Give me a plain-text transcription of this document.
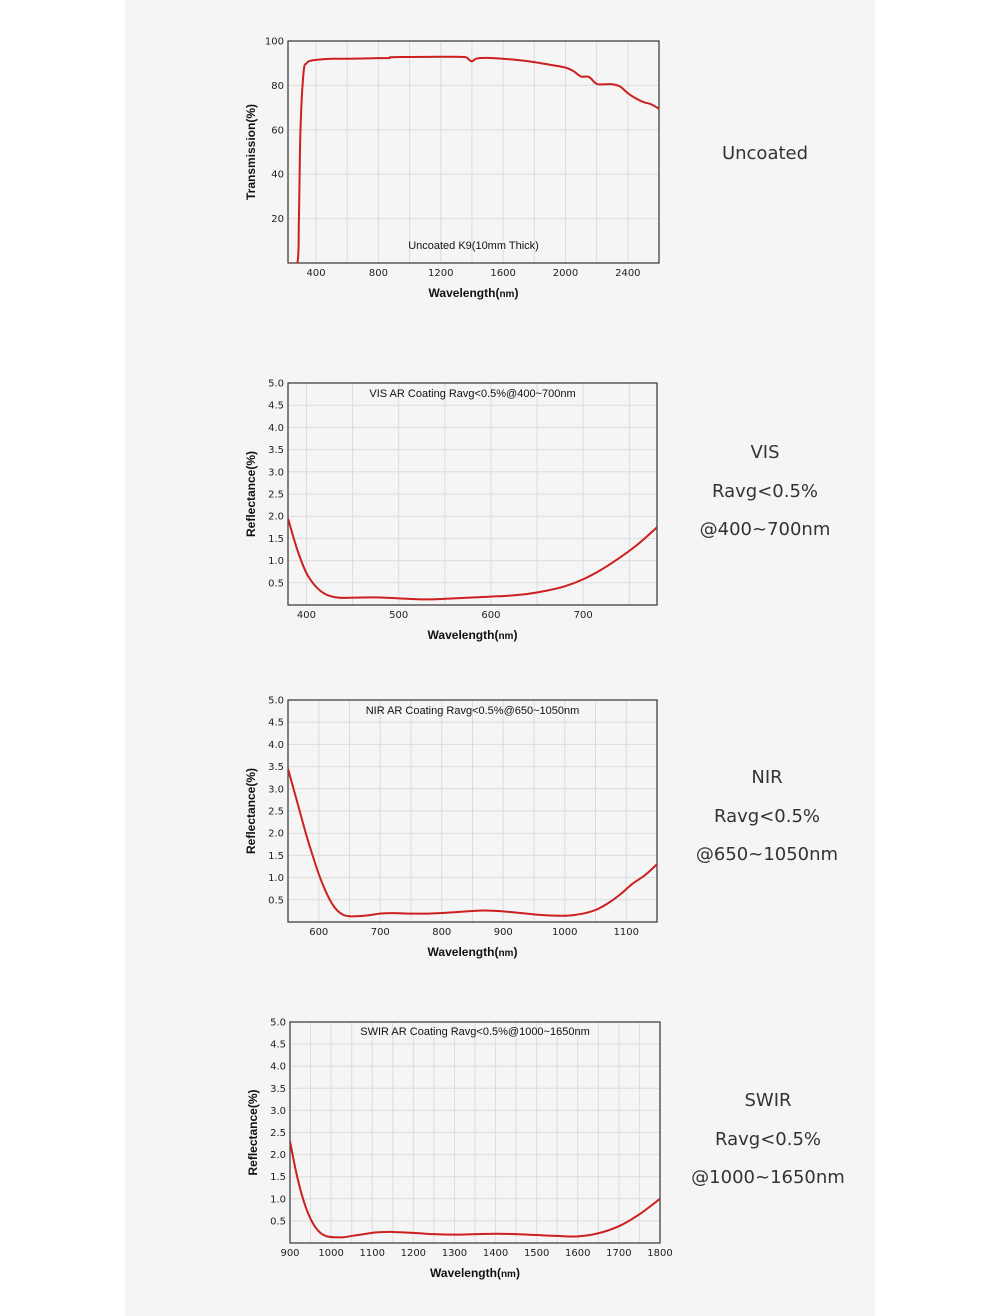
20
40
60
80
100
400	800	1200	1600	2000	2400
Uncoated K9(10mm Thick)
Wavelength(nm)
Transmission(%)
0.5
1.0
1.5
2.0
2.5
3.0
3.5
4.0
4.5
5.0
400	500	600	700
VIS AR Coating Ravg<0.5%@400~700nm
Wavelength(nm)
Reflectance(%)
0.5
1.0
1.5
2.0
2.5
3.0
3.5
4.0
4.5
5.0
600	700	800	900	1000	1100
NIR AR Coating Ravg<0.5%@650~1050nm
Wavelength(nm)
Reflectance(%)
0.5
1.0
1.5
2.0
2.5
3.0
3.5
4.0
4.5
5.0
900 1000 1100 1200 1300 1400 1500 1600 1700 1800
SWIR AR Coating Ravg<0.5%@1000~1650nm
Wavelength(nm)
Reflectance(%)
Uncoated
VIS
Ravg<0.5%
@400~700nm
NIR
Ravg<0.5%
@650~1050nm
SWIR
Ravg<0.5%
@1000~1650nm
